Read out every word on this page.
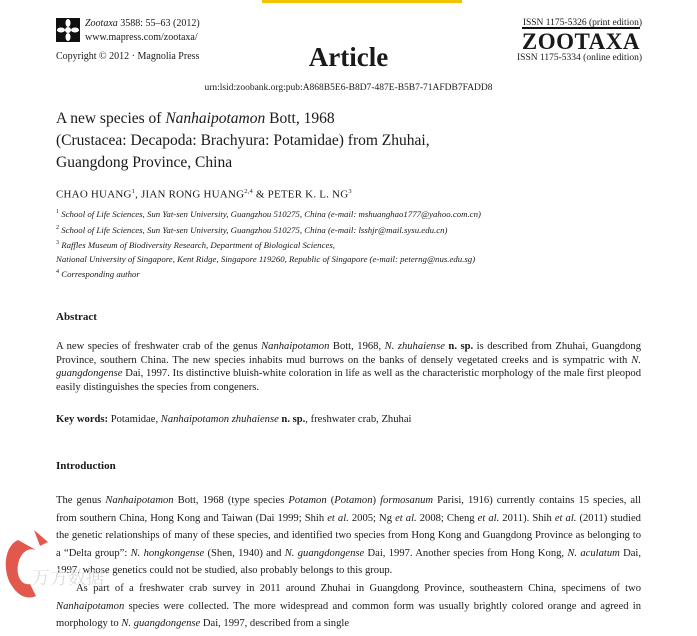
Zootaxa 3588: 55–63 (2012)
www.mapress.com/zootaxa/
Copyright © 2012 · Magnolia Press	Article
ISSN 1175-5326 (print edition)
ZOOTAXA
ISSN 1175-5334 (online edition)
urn:lsid:zoobank.org:pub:A868B5E6-B8D7-487E-B5B7-71AFDB7FADD8
A new species of Nanhaipotamon Bott, 1968
(Crustacea: Decapoda: Brachyura: Potamidae) from Zhuhai,
Guangdong Province, China
CHAO HUANG$^1$, JIAN RONG HUANG$^{2,4}$ & PETER K. L. $NG^3$
$^1$ School of Life Sciences, Sun Yat-sen University, Guangzhou 510275, China (e-mail: mshuanghao1777@yahoo.com.cn)
$^2$ School of Life Sciences, Sun Yat-sen University, Guangzhou 510275, China (e-mail: lsshjr@mail.sysu.edu.cn)
$^3$ Raffles Museum of Biodiversity Research, Department of Biological Sciences,
National University of Singapore, Kent Ridge, Singapore 119260, Republic of Singapore (e-mail: peterng@nus.edu.sg)
$^4$ Corresponding author
Abstract
A new species of freshwater crab of the genus Nanhaipotamon Bott, 1968, N. zhuhaiense n. sp. is described from Zhuhai, Guangdong Province, southern China. The new species inhabits mud burrows on the banks of densely vegetated creeks and is sympatric with N. guangdongense Dai, 1997. Its distinctive bluish-white coloration in life as well as the characteristic morphology of the male first pleopod easily distinguishes the species from congeners.
Key words: Potamidae, Nanhaipotamon zhuhaiense n. sp., freshwater crab, Zhuhai
Introduction

The genus Nanhaipotamon Bott, 1968 (type species Potamon (Potamon) formosanum Parisi, 1916) currently contains 15 species, all from southern China, Hong Kong and Taiwan (Dai 1999; Shih et al. 2005; Ng et al. 2008; Cheng et al. 2011). Shih et al. (2011) studied the genetic relationships of many of these species, and identified two species from Hong Kong and Guangdong Province as belonging to a “Delta group”: N. hongkongense (Shen, 1940) and N. guangdongense Dai, 1997. Another species from Hong Kong, N. aculatum Dai, 1997, whose genetics could not be studied, also probably belongs to this group.

As part of a freshwater crab survey in 2011 around Zhuhai in Guangdong Province, southeastern China, specimens of two Nanhaipotamon species were collected. The more widespread and common form was usually brightly colored orange and agreed in morphology to N. guangdongense Dai, 1997, described from a single

万方数据
